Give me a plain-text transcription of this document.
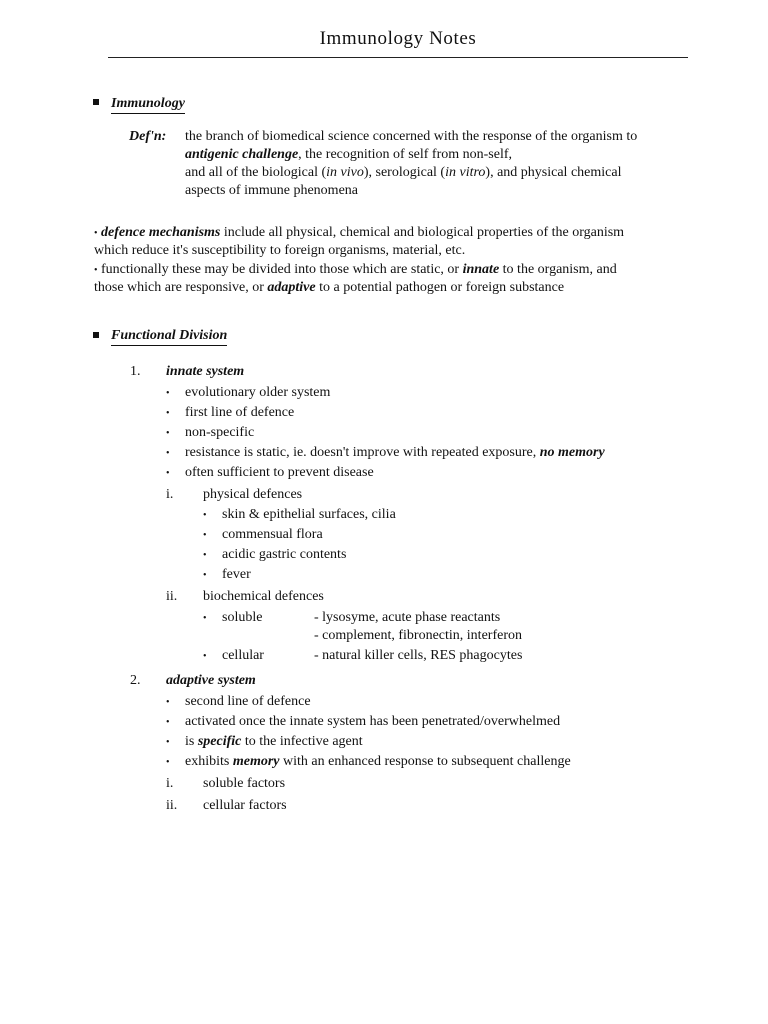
Immunology Notes
Immunology
Def'n: the branch of biomedical science concerned with the response of the organism to
antigenic challenge, the recognition of self from non-self,
and all of the biological (in vivo), serological (in vitro), and physical chemical
aspects of immune phenomena
• defence mechanisms include all physical, chemical and biological properties of the organism
which reduce it's susceptibility to foreign organisms, material, etc.
• functionally these may be divided into those which are static, or innate to the organism, and
those which are responsive, or adaptive to a potential pathogen or foreign substance
Functional Division
1. innate system
• evolutionary older system
• first line of defence
• non-specific
• resistance is static, ie. doesn't improve with repeated exposure, no memory
• often sufficient to prevent disease
i. physical defences
• skin & epithelial surfaces, cilia
• commensual flora
• acidic gastric contents
• fever
ii. biochemical defences
• soluble	- lysosyme, acute phase reactants
- complement, fibronectin, interferon
• cellular	- natural killer cells, RES phagocytes
2. adaptive system
• second line of defence
• activated once the innate system has been penetrated/overwhelmed
• is specific to the infective agent
• exhibits memory with an enhanced response to subsequent challenge
i. soluble factors
ii. cellular factors
